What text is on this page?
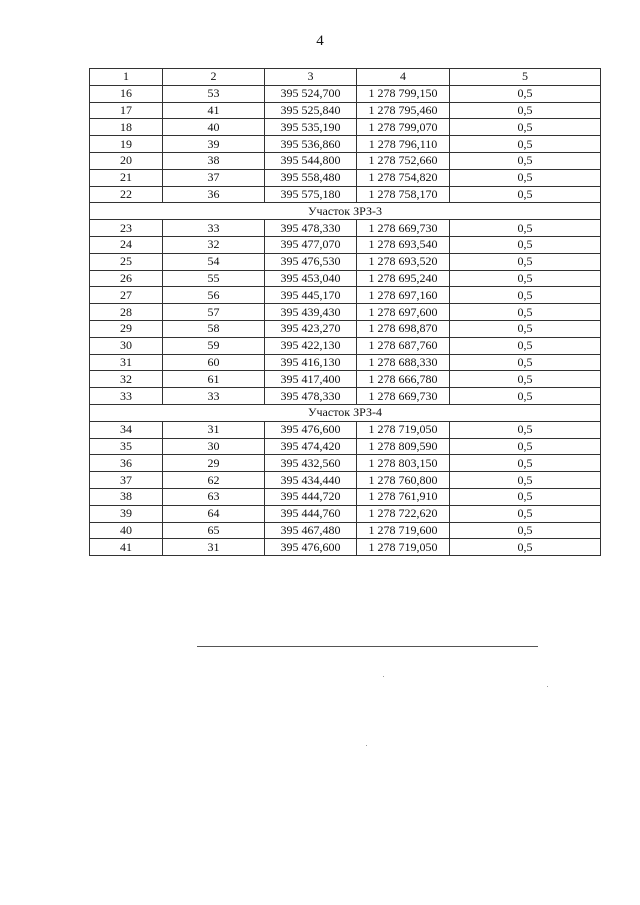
4
1	2	3	4	5
16	53	395 524,700	1 278 799,150	0,5
17	41	395 525,840	1 278 795,460	0,5
18	40	395 535,190	1 278 799,070	0,5
19	39	395 536,860	1 278 796,110	0,5
20	38	395 544,800	1 278 752,660	0,5
21	37	395 558,480	1 278 754,820	0,5
22	36	395 575,180	1 278 758,170	0,5
Участок ЗРЗ-3				
23	33	395 478,330	1 278 669,730	0,5
24	32	395 477,070	1 278 693,540	0,5
25	54	395 476,530	1 278 693,520	0,5
26	55	395 453,040	1 278 695,240	0,5
27	56	395 445,170	1 278 697,160	0,5
28	57	395 439,430	1 278 697,600	0,5
29	58	395 423,270	1 278 698,870	0,5
30	59	395 422,130	1 278 687,760	0,5
31	60	395 416,130	1 278 688,330	0,5
32	61	395 417,400	1 278 666,780	0,5
33	33	395 478,330	1 278 669,730	0,5
Участок ЗРЗ-4				
34	31	395 476,600	1 278 719,050	0,5
35	30	395 474,420	1 278 809,590	0,5
36	29	395 432,560	1 278 803,150	0,5
37	62	395 434,440	1 278 760,800	0,5
38	63	395 444,720	1 278 761,910	0,5
39	64	395 444,760	1 278 722,620	0,5
40	65	395 467,480	1 278 719,600	0,5
41	31	395 476,600	1 278 719,050	0,5
